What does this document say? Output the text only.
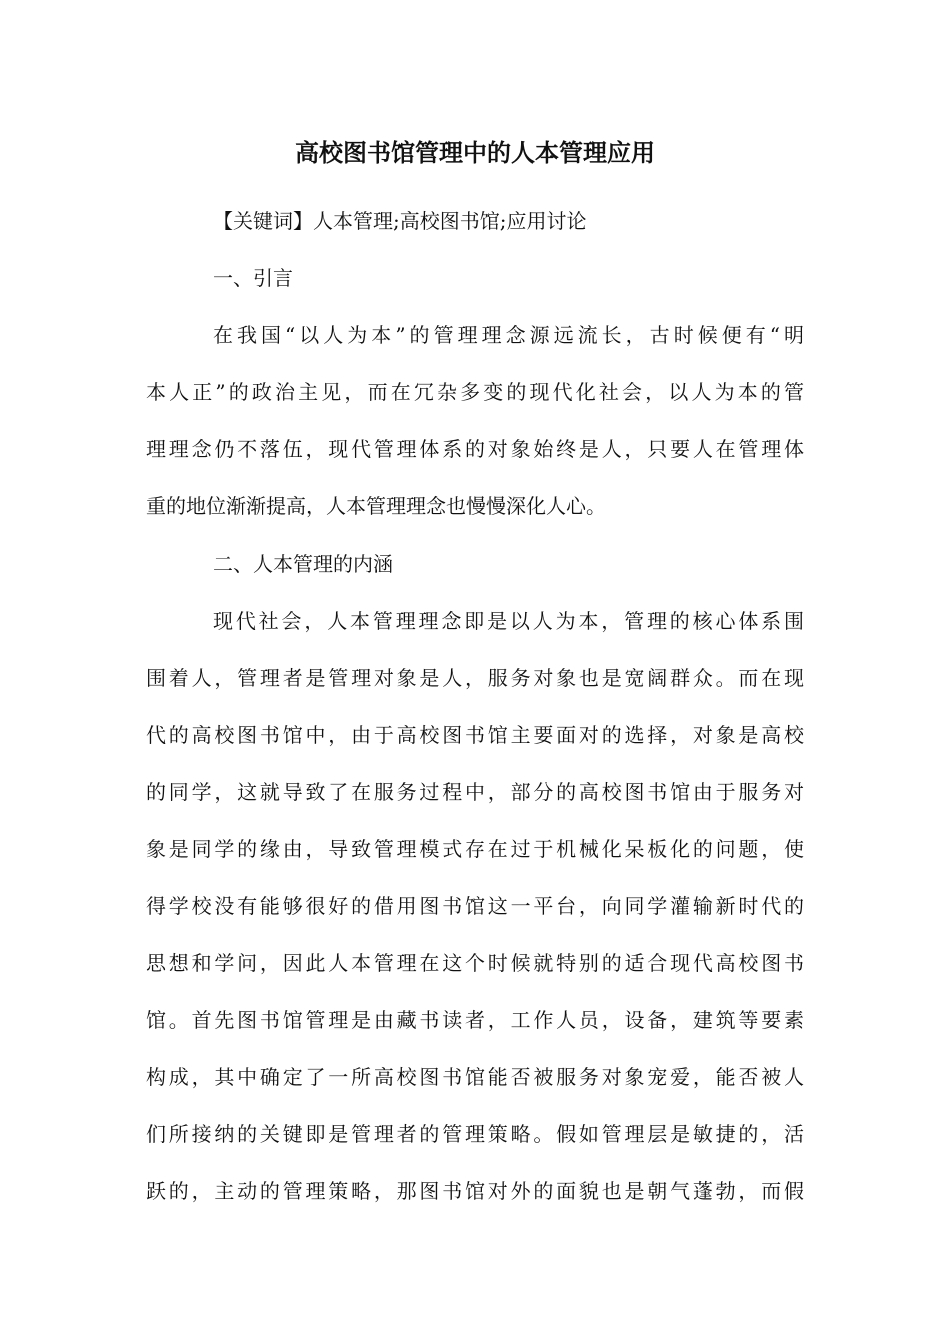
高校图书馆管理中的人本管理应用

【关键词】人本管理;高校图书馆;应用讨论

一、引言

在我国“以人为本”的管理理念源远流长，古时候便有“明

本人正”的政治主见，而在冗杂多变的现代化社会，以人为本的管

理理念仍不落伍，现代管理体系的对象始终是人，只要人在管理体

重的地位渐渐提高，人本管理理念也慢慢深化人心。

二、人本管理的内涵

现代社会，人本管理理念即是以人为本，管理的核心体系围

围着人，管理者是管理对象是人，服务对象也是宽阔群众。而在现

代的高校图书馆中，由于高校图书馆主要面对的选择，对象是高校

的同学，这就导致了在服务过程中，部分的高校图书馆由于服务对

象是同学的缘由，导致管理模式存在过于机械化呆板化的问题，使

得学校没有能够很好的借用图书馆这一平台，向同学灌输新时代的

思想和学问，因此人本管理在这个时候就特别的适合现代高校图书

馆。首先图书馆管理是由藏书读者，工作人员，设备，建筑等要素

构成，其中确定了一所高校图书馆能否被服务对象宠爱，能否被人

们所接纳的关键即是管理者的管理策略。假如管理层是敏捷的，活

跃的，主动的管理策略，那图书馆对外的面貌也是朝气蓬勃，而假
